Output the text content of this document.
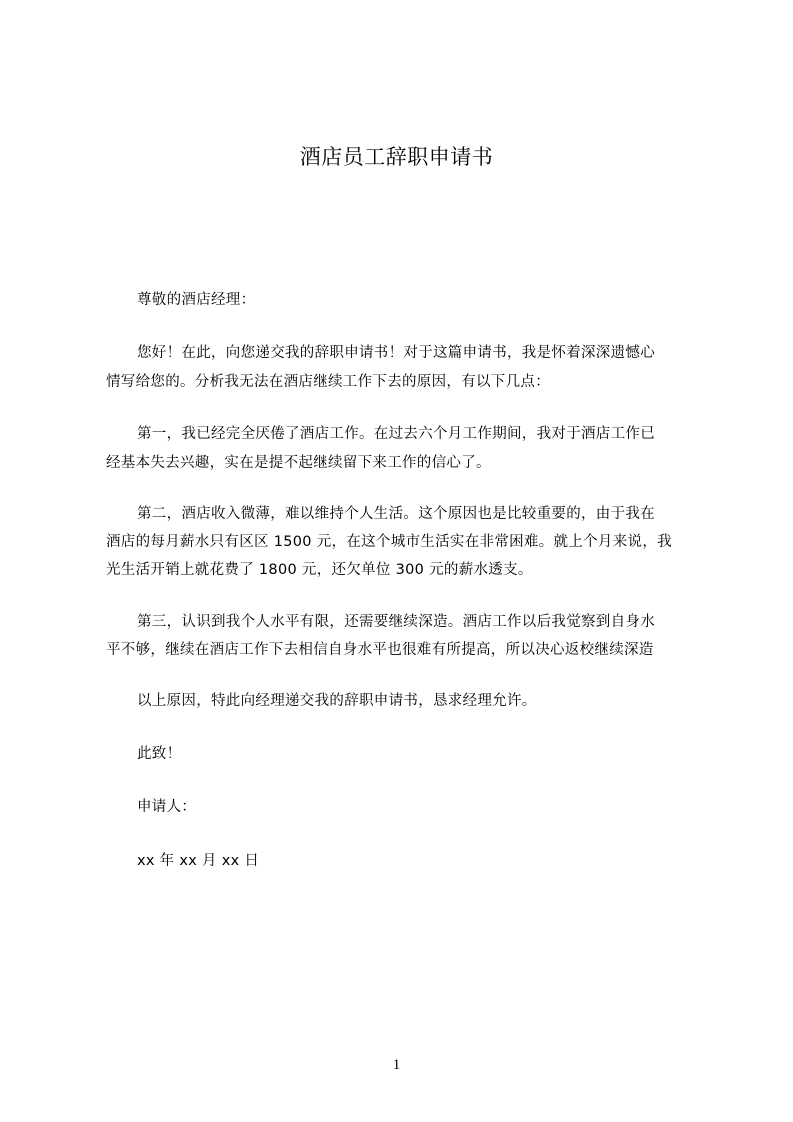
酒店员工辞职申请书
尊敬的酒店经理：
您好！在此，向您递交我的辞职申请书！对于这篇申请书，我是怀着深深遗憾心
情写给您的。分析我无法在酒店继续工作下去的原因，有以下几点：
第一，我已经完全厌倦了酒店工作。在过去六个月工作期间，我对于酒店工作已
经基本失去兴趣，实在是提不起继续留下来工作的信心了。
第二，酒店收入微薄，难以维持个人生活。这个原因也是比较重要的，由于我在
酒店的每月薪水只有区区 1500 元，在这个城市生活实在非常困难。就上个月来说，我
光生活开销上就花费了 1800 元，还欠单位 300 元的薪水透支。
第三，认识到我个人水平有限，还需要继续深造。酒店工作以后我觉察到自身水
平不够，继续在酒店工作下去相信自身水平也很难有所提高，所以决心返校继续深造
以上原因，特此向经理递交我的辞职申请书，恳求经理允许。
此致！
申请人：
xx 年 xx 月 xx 日
1
